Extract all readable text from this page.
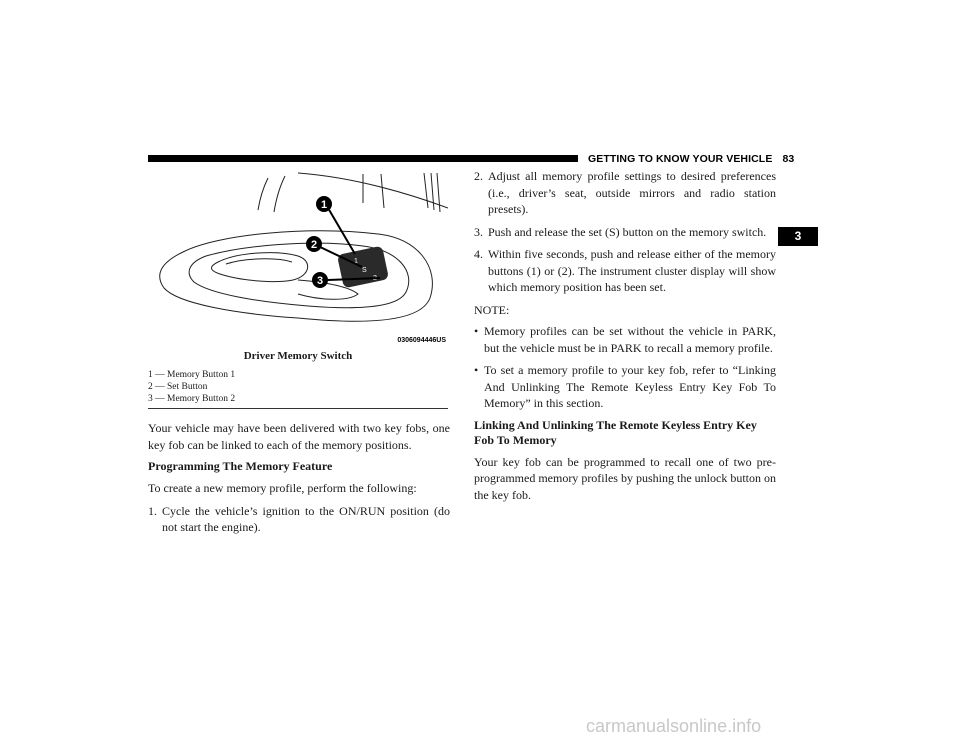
GETTING TO KNOW YOUR VEHICLE 83
3
1
S
1
2
3
0306094446US
Driver Memory Switch
1 — Memory Button 1
2 — Set Button
3 — Memory Button 2

Your vehicle may have been delivered with two key fobs, one key fob can be linked to each of the memory positions.

Programming The Memory Feature

To create a new memory profile, perform the following:

1. Cycle the vehicle’s ignition to the ON/RUN position (do not start the engine).
2. Adjust all memory profile settings to desired preferences (i.e., driver’s seat, outside mirrors and radio station presets).
3. Push and release the set (S) button on the memory switch.
4. Within five seconds, push and release either of the memory buttons (1) or (2). The instrument cluster display will show which memory position has been set.
NOTE:
• Memory profiles can be set without the vehicle in PARK, but the vehicle must be in PARK to recall a memory profile.
• To set a memory profile to your key fob, refer to “Linking And Unlinking The Remote Keyless Entry Key Fob To Memory” in this section.
Linking And Unlinking The Remote Keyless Entry Key Fob To Memory

Your key fob can be programmed to recall one of two pre-programmed memory profiles by pushing the unlock button on the key fob.

carmanualsonline.info
